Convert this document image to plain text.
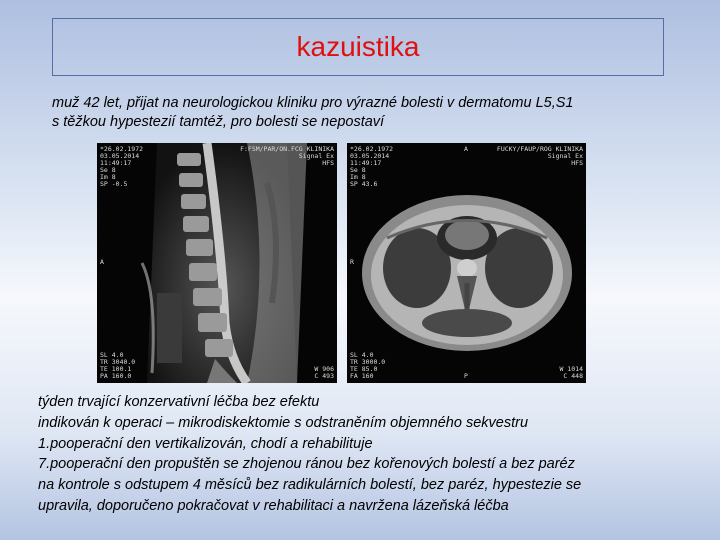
kazuistika
muž 42 let, přijat na neurologickou kliniku pro výrazné bolesti v dermatomu L5,S1
s těžkou hypestezií tamtéž, pro bolesti se nepostaví
*26.02.1972
03.05.2014
11:49:17
Se 8
Im 8
SP -0.5
F:FSM/PAR/ON.FCG KLINIKA
Signal Ex
HFS
A
SL 4.0
TR 3040.0
TE 100.1
PA 160.0
W 906
C 493
*26.02.1972
03.05.2014
11:49:17
Se 8
Im 8
SP 43.6
FUCKY/FAUP/ROG KLINIKA
Signal Ex
HFS
A
R
SL 4.0
TR 3000.0
TE 85.0
FA 160	P
W 1014
C 448
týden trvající konzervativní léčba bez efektu
indikován k operaci – mikrodiskektomie s odstraněním objemného sekvestru
1.pooperační den vertikalizován, chodí a rehabilituje
7.pooperační den propuštěn se zhojenou ránou bez kořenových bolestí a bez paréz
na kontrole s odstupem 4 měsíců bez radikulárních bolestí, bez paréz, hypestezie se
upravila, doporučeno pokračovat v rehabilitaci a navržena lázeňská léčba
